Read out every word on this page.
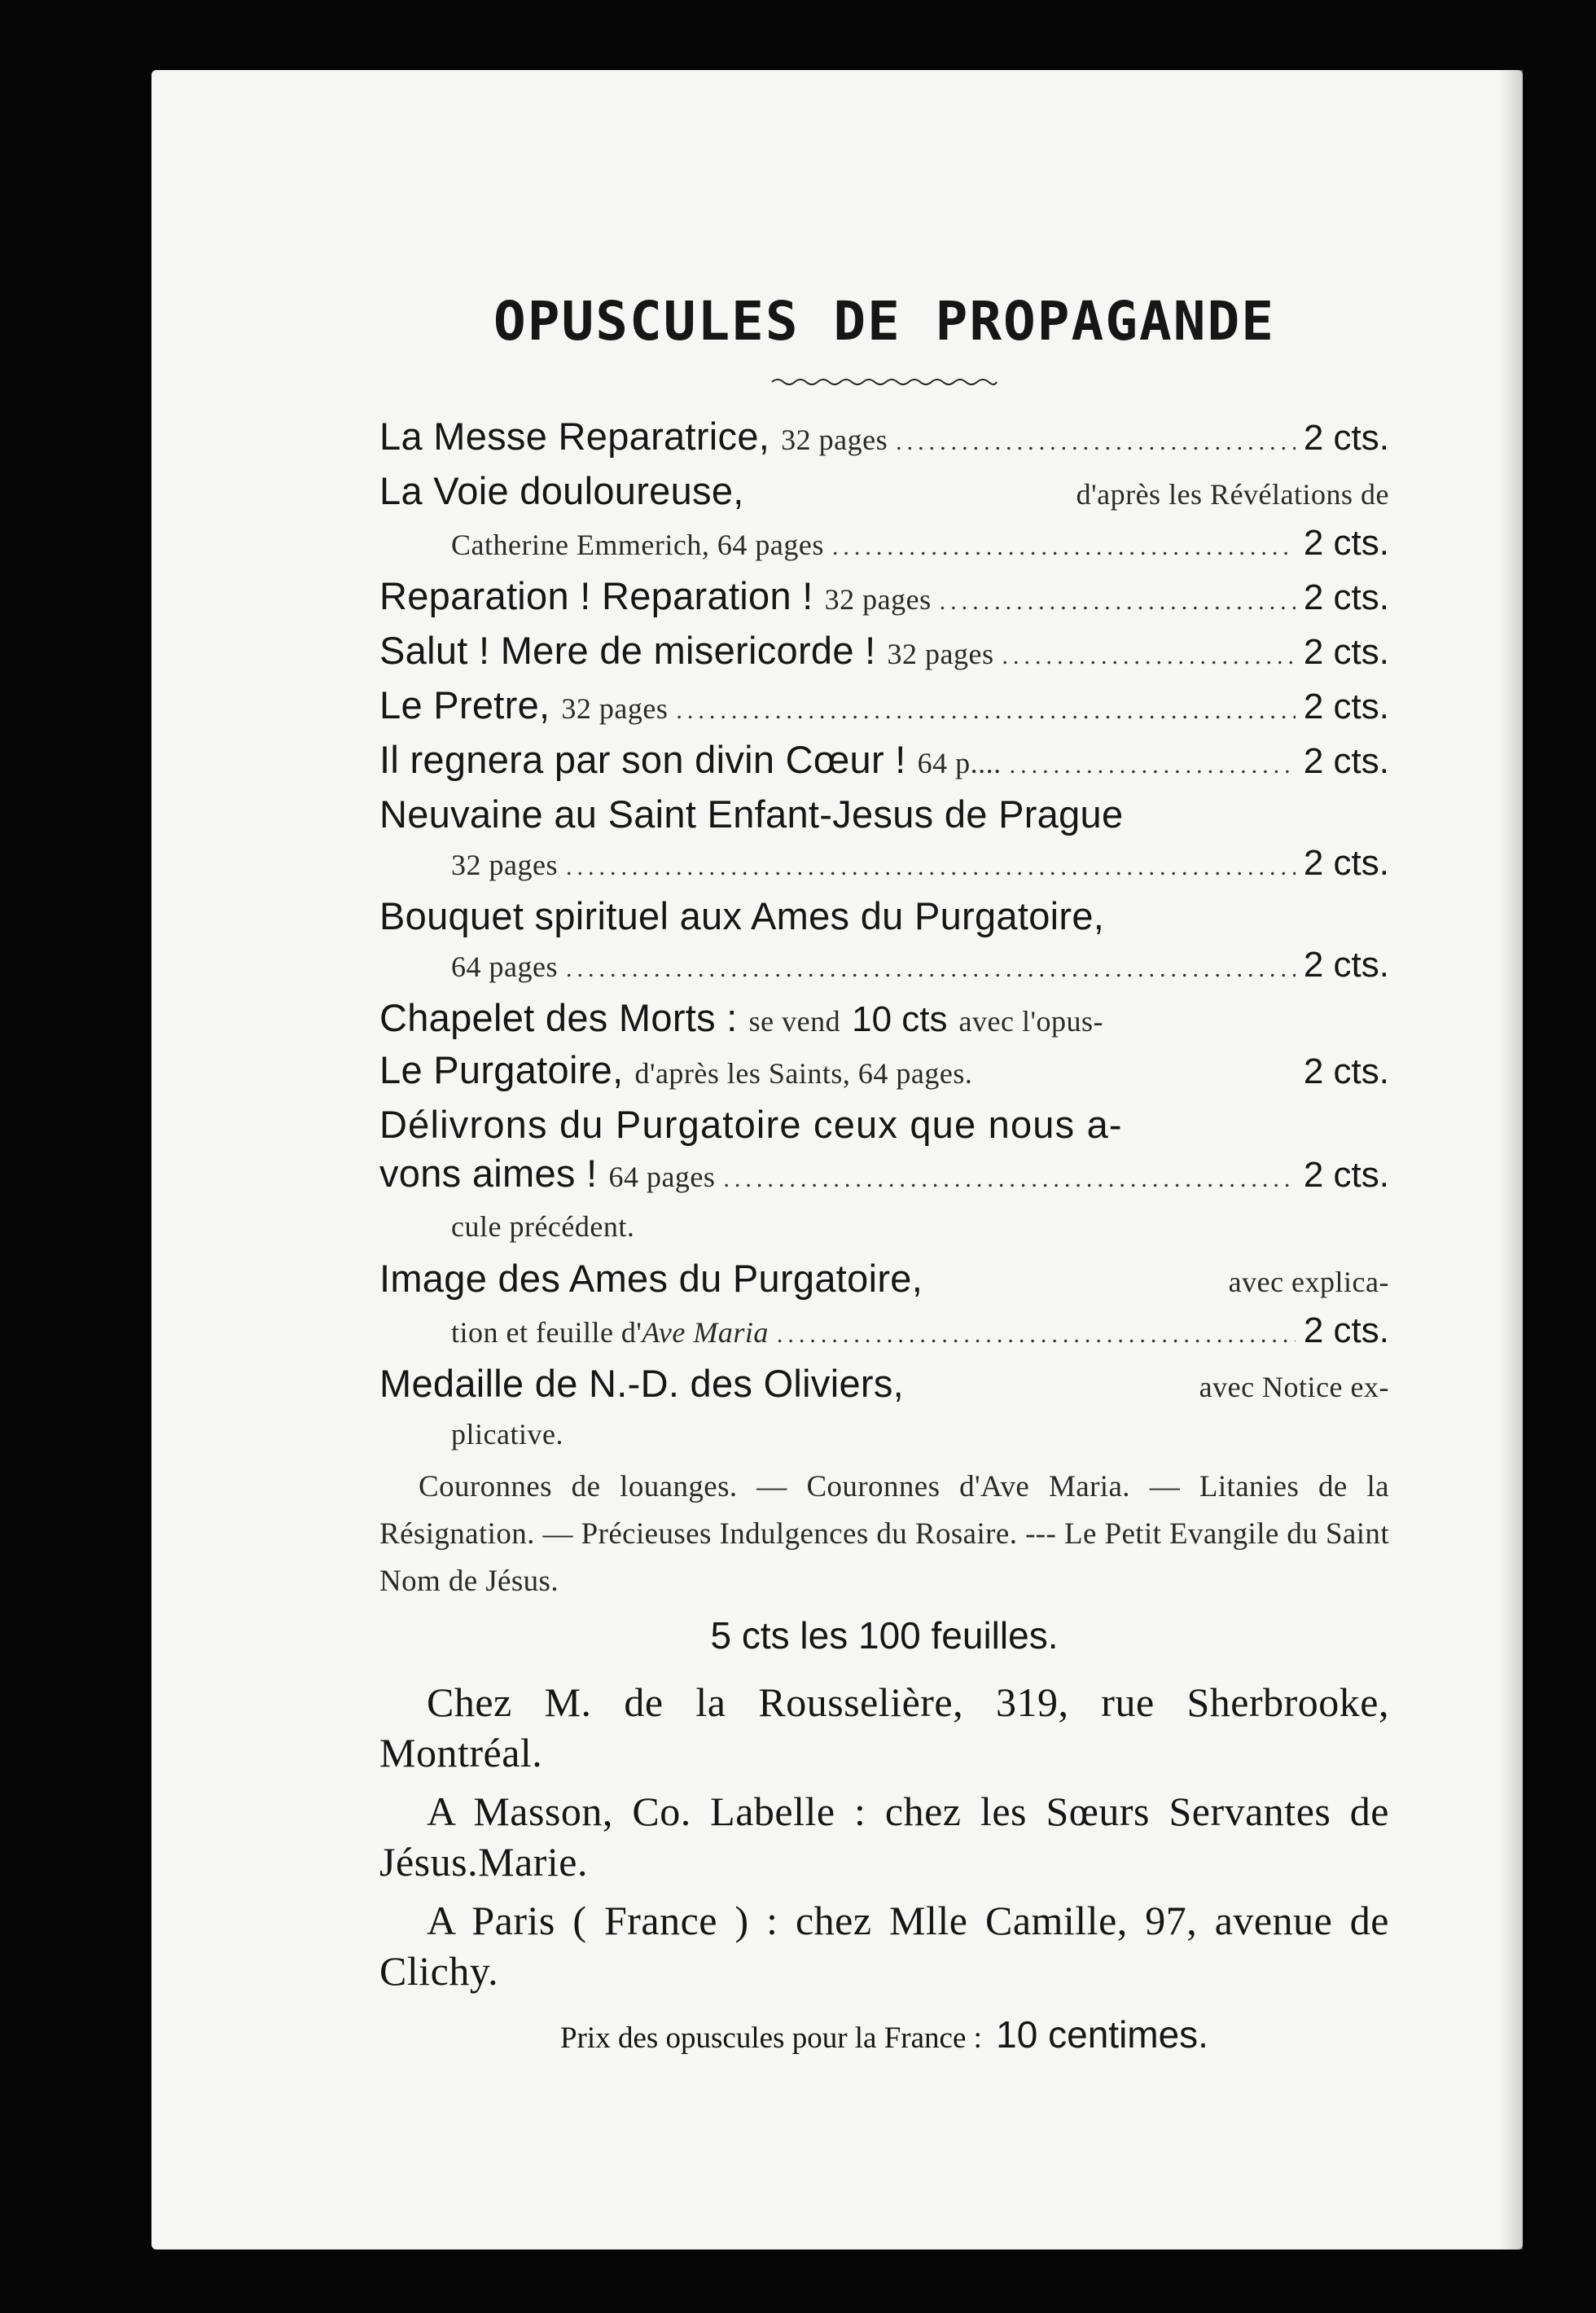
OPUSCULES DE PROPAGANDE
La Messe Reparatrice, 32 pages .....	2 cts.
La Voie douloureuse,	d'après les Révélations de
Catherine Emmerich, 64 pages .....	2 cts.
Reparation ! Reparation ! 32 pages .....	2 cts.
Salut ! Mere de misericorde ! 32 pages .....	2 cts.
Le Pretre, 32 pages .....	2 cts.
Il regnera par son divin Cœur ! 64 p.... .....	2 cts.
Neuvaine au Saint Enfant-Jesus de Prague
32 pages .....	2 cts.
Bouquet spirituel aux Ames du Purgatoire,
64 pages .....	2 cts.
Chapelet des Morts : se vend 10 cts avec l'opus-
Le Purgatoire, d'après les Saints, 64 pages.	2 cts.
Délivrons du Purgatoire ceux que nous a-
vons aimes ! 64 pages .....	2 cts.
cule précédent.
Image des Ames du Purgatoire,	avec explica-
tion et feuille d' Ave Maria .....	2 cts.
Medaille de N.-D. des Oliviers,	avec Notice ex-
plicative.
Couronnes de louanges. — Couronnes d'Ave Maria. — Litanies de la Résignation. — Précieuses Indulgences du Rosaire. --- Le Petit Evangile du Saint Nom de Jésus.
5 cts les 100 feuilles.
Chez M. de la Rousselière, 319, rue Sherbrooke, Montréal.
A Masson, Co. Labelle : chez les Sœurs Servantes de Jésus.Marie.
A Paris ( France ) : chez Mlle Camille, 97, avenue de Clichy.
Prix des opuscules pour la France : 10 centimes.
